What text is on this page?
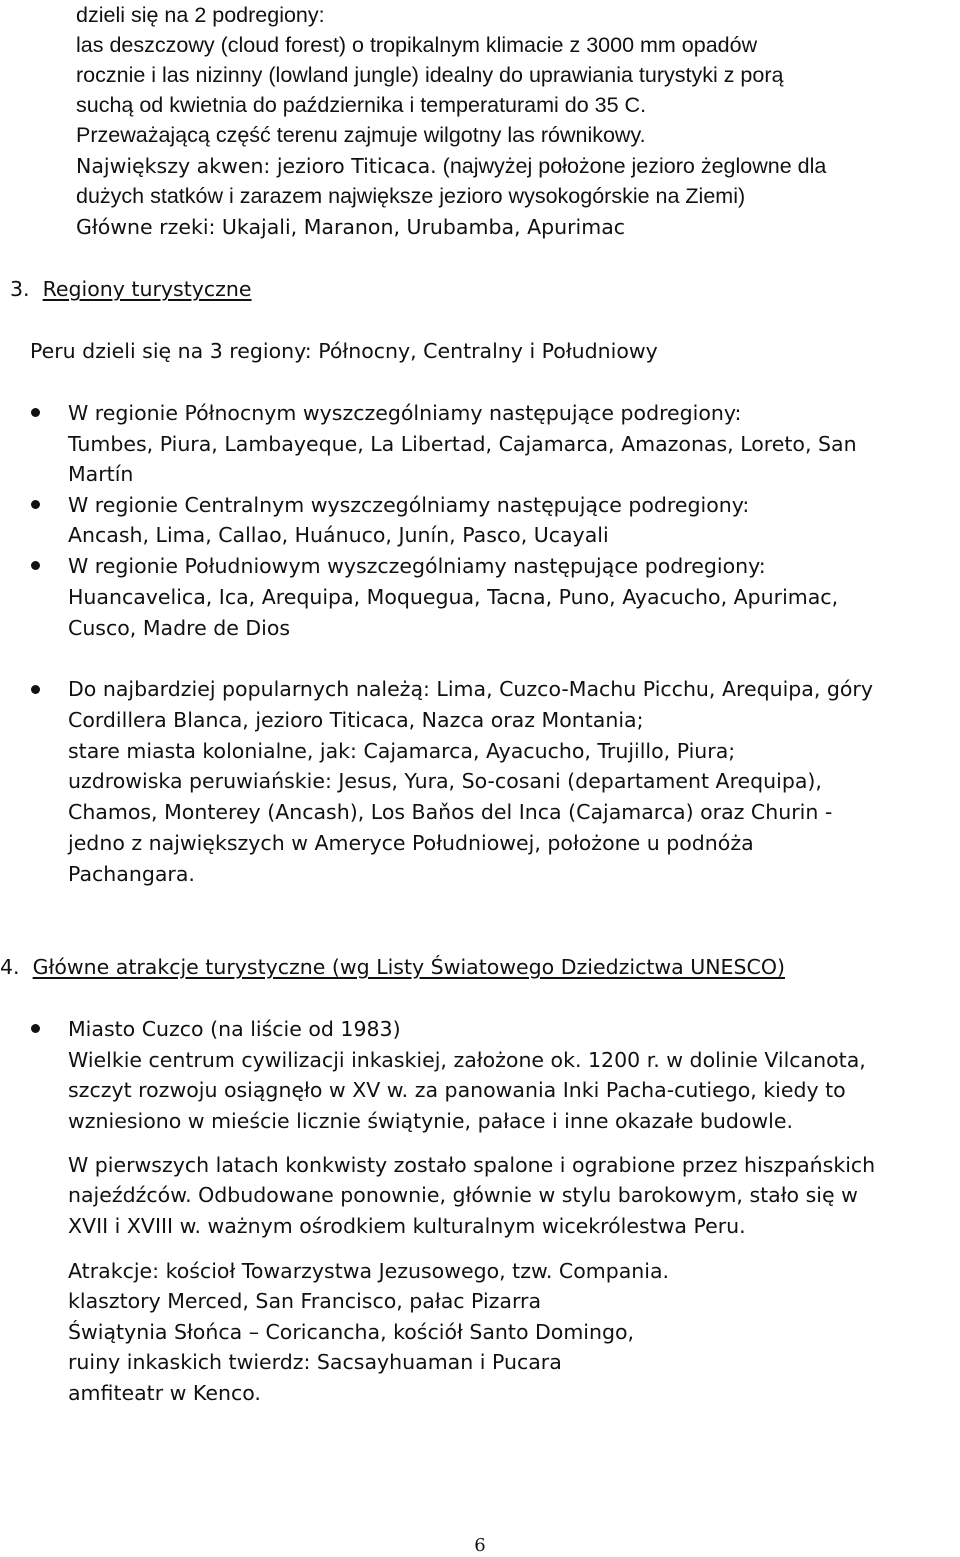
dzieli się na 2 podregiony:
las deszczowy (cloud forest) o tropikalnym klimacie z 3000 mm opadów
rocznie i las nizinny (lowland jungle) idealny do uprawiania turystyki z porą
suchą od kwietnia do października i temperaturami do 35 C.
Przeważającą część terenu zajmuje wilgotny las równikowy.
Największy akwen: jezioro Titicaca. (najwyżej położone jezioro żeglowne dla
dużych statków i zarazem największe jezioro wysokogórskie na Ziemi)
Główne rzeki: Ukajali, Maranon, Urubamba, Apurimac
3. Regiony turystyczne
Peru dzieli się na 3 regiony: Północny, Centralny i Południowy
W regionie Północnym wyszczególniamy następujące podregiony:
Tumbes, Piura, Lambayeque, La Libertad, Cajamarca, Amazonas, Loreto, San
Martín
W regionie Centralnym wyszczególniamy następujące podregiony:
Ancash, Lima, Callao, Huánuco, Junín, Pasco, Ucayali
W regionie Południowym wyszczególniamy następujące podregiony:
Huancavelica, Ica, Arequipa, Moquegua, Tacna, Puno, Ayacucho, Apurimac,
Cusco, Madre de Dios
Do najbardziej popularnych należą: Lima, Cuzco-Machu Picchu, Arequipa, góry
Cordillera Blanca, jezioro Titicaca, Nazca oraz Montania;
stare miasta kolonialne, jak: Cajamarca, Ayacucho, Trujillo, Piura;
uzdrowiska peruwiańskie: Jesus, Yura, So-cosani (departament Arequipa),
Chamos, Monterey (Ancash), Los Baňos del Inca (Cajamarca) oraz Churin -
jedno z największych w Ameryce Południowej, położone u podnóża
Pachangara.
4. Główne atrakcje turystyczne (wg Listy Światowego Dziedzictwa UNESCO)
Miasto Cuzco (na liście od 1983)
Wielkie centrum cywilizacji inkaskiej, założone ok. 1200 r. w dolinie Vilcanota,
szczyt rozwoju osiągnęło w XV w. za panowania Inki Pacha-cutiego, kiedy to
wzniesiono w mieście licznie świątynie, pałace i inne okazałe budowle.
W pierwszych latach konkwisty zostało spalone i ograbione przez hiszpańskich
najeźdźców. Odbudowane ponownie, głównie w stylu barokowym, stało się w
XVII i XVIII w. ważnym ośrodkiem kulturalnym wicekrólestwa Peru.
Atrakcje: kościoł Towarzystwa Jezusowego, tzw. Compania.
klasztory Merced, San Francisco, pałac Pizarra
Świątynia Słońca – Coricancha, kościół Santo Domingo,
ruiny inkaskich twierdz: Sacsayhuaman i Pucara
amfiteatr w Kenco.
6
